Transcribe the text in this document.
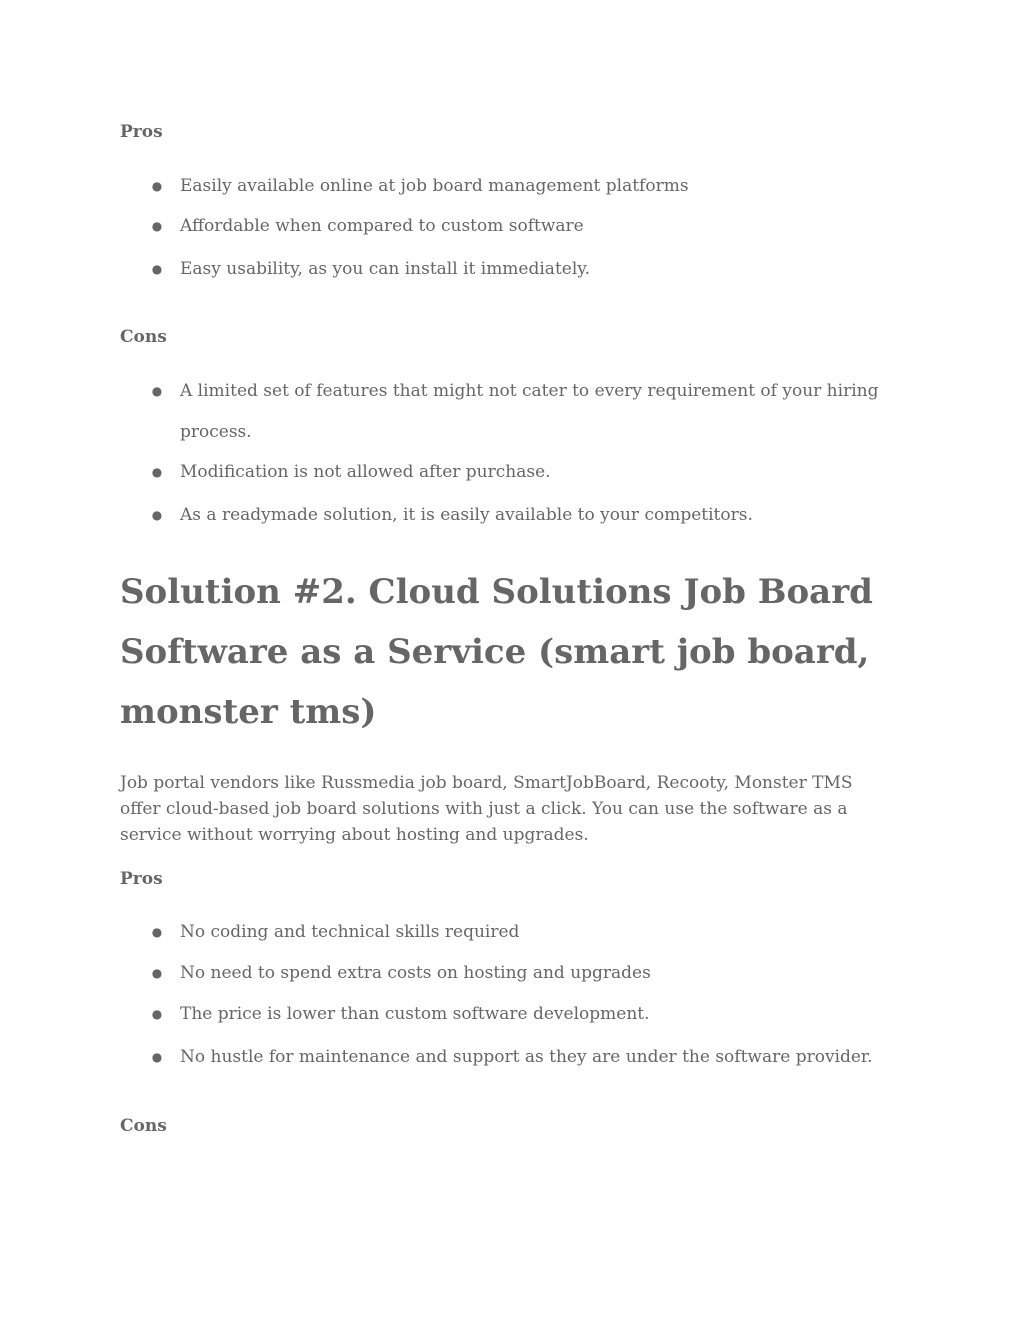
Pros
● Easily available online at job board management platforms
● Affordable when compared to custom software
● Easy usability, as you can install it immediately.
Cons
● A limited set of features that might not cater to every requirement of your hiring process.
● Modification is not allowed after purchase.
● As a readymade solution, it is easily available to your competitors.
Solution #2. Cloud Solutions Job Board Software as a Service (smart job board, monster tms)

Job portal vendors like Russmedia job board, SmartJobBoard, Recooty, Monster TMS offer cloud-based job board solutions with just a click. You can use the software as a service without worrying about hosting and upgrades.

Pros
● No coding and technical skills required
● No need to spend extra costs on hosting and upgrades
● The price is lower than custom software development.
● No hustle for maintenance and support as they are under the software provider.
Cons
